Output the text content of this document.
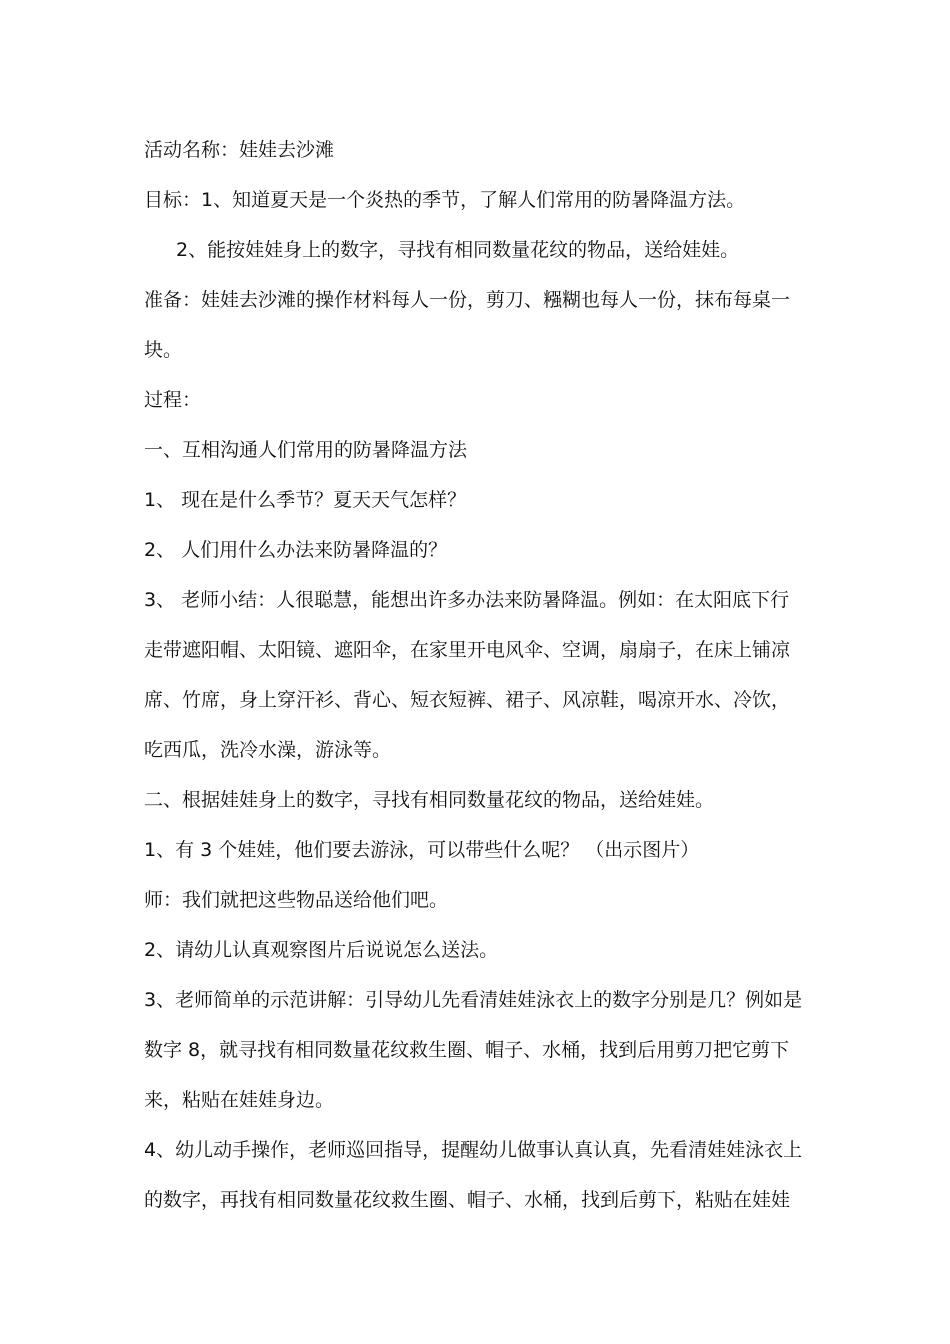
活动名称：娃娃去沙滩
目标：1、知道夏天是一个炎热的季节，了解人们常用的防暑降温方法。
2、能按娃娃身上的数字，寻找有相同数量花纹的物品，送给娃娃。
准备：娃娃去沙滩的操作材料每人一份，剪刀、糨糊也每人一份，抹布每桌一
块。
过程：
一、互相沟通人们常用的防暑降温方法
1、 现在是什么季节？夏天天气怎样？
2、 人们用什么办法来防暑降温的？
3、 老师小结：人很聪慧，能想出许多办法来防暑降温。例如：在太阳底下行
走带遮阳帽、太阳镜、遮阳伞，在家里开电风伞、空调，扇扇子，在床上铺凉
席、竹席，身上穿汗衫、背心、短衣短裤、裙子、风凉鞋，喝凉开水、冷饮，
吃西瓜，洗冷水澡，游泳等。
二、根据娃娃身上的数字，寻找有相同数量花纹的物品，送给娃娃。
1、有 3 个娃娃，他们要去游泳，可以带些什么呢？ （出示图片）
师：我们就把这些物品送给他们吧。
2、请幼儿认真观察图片后说说怎么送法。
3、老师简单的示范讲解：引导幼儿先看清娃娃泳衣上的数字分别是几？例如是
数字 8，就寻找有相同数量花纹救生圈、帽子、水桶，找到后用剪刀把它剪下
来，粘贴在娃娃身边。
4、幼儿动手操作，老师巡回指导，提醒幼儿做事认真认真，先看清娃娃泳衣上
的数字，再找有相同数量花纹救生圈、帽子、水桶，找到后剪下，粘贴在娃娃
